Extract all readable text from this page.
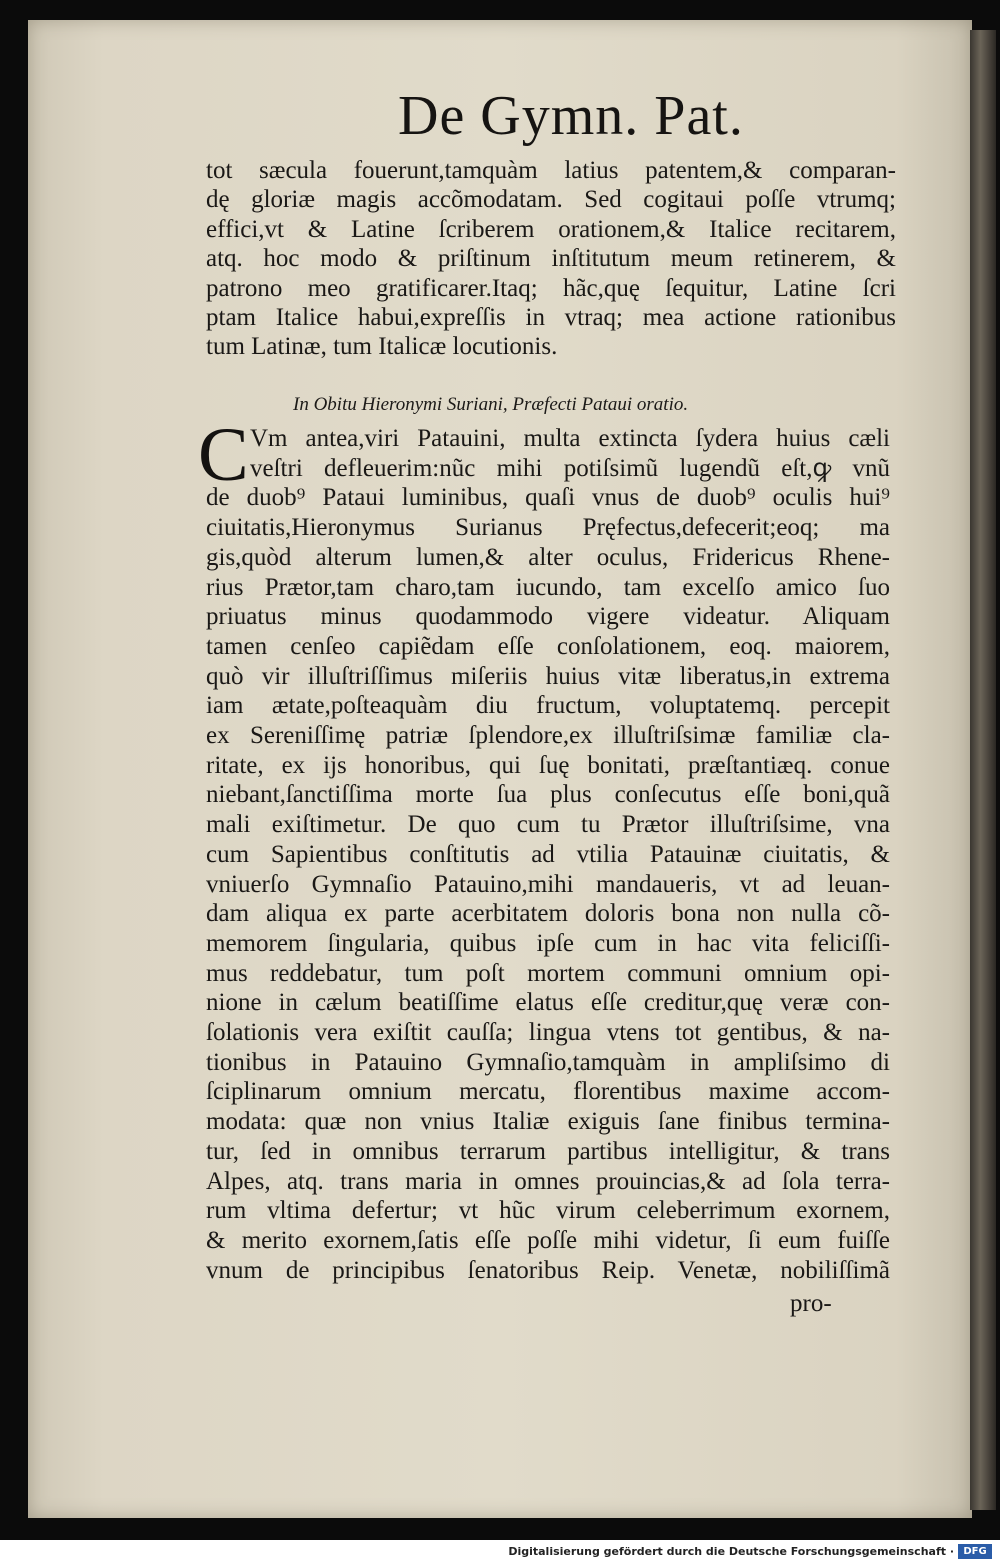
De Gymn. Pat.
tot sæcula fouerunt,tamquàm latius patentem,& comparan-
dę gloriæ magis accõmodatam. Sed cogitaui poſſe vtrumq;
effici,vt & Latine ſcriberem orationem,& Italice recitarem,
atq. hoc modo & priſtinum inſtitutum meum retinerem, &
patrono meo gratificarer.Itaq; hãc,quę ſequitur, Latine ſcri
ptam Italice habui,expreſſis in vtraq; mea actione rationibus
tum Latinæ, tum Italicæ locutionis.
In Obitu Hieronymi Suriani, Præfecti Pataui oratio.
C Vm antea,viri Patauini, multa extincta ſydera huius cæli
veſtri defleuerim:nũc mihi potiſsimũ lugendũ eſt,ꝙ vnũ
de duob⁹ Pataui luminibus, quaſi vnus de duob⁹ oculis hui⁹
ciuitatis,Hieronymus Surianus Pręfectus,defecerit;eoq; ma
gis,quòd alterum lumen,& alter oculus, Fridericus Rhene-
rius Prætor,tam charo,tam iucundo, tam excelſo amico ſuo
priuatus minus quodammodo vigere videatur. Aliquam
tamen cenſeo capiẽdam eſſe conſolationem, eoq. maiorem,
quò vir illuſtriſſimus miſeriis huius vitæ liberatus,in extrema
iam ætate,poſteaquàm diu fructum, voluptatemq. percepit
ex Sereniſſimę patriæ ſplendore,ex illuſtriſsimæ familiæ cla-
ritate, ex ijs honoribus, qui ſuę bonitati, præſtantiæq. conue
niebant,ſanctiſſima morte ſua plus conſecutus eſſe boni,quã
mali exiſtimetur. De quo cum tu Prætor illuſtriſsime, vna
cum Sapientibus conſtitutis ad vtilia Patauinæ ciuitatis, &
vniuerſo Gymnaſio Patauino,mihi mandaueris, vt ad leuan-
dam aliqua ex parte acerbitatem doloris bona non nulla cõ-
memorem ſingularia, quibus ipſe cum in hac vita feliciſſi-
mus reddebatur, tum poſt mortem communi omnium opi-
nione in cælum beatiſſime elatus eſſe creditur,quę veræ con-
ſolationis vera exiſtit cauſſa; lingua vtens tot gentibus, & na-
tionibus in Patauino Gymnaſio,tamquàm in ampliſsimo di
ſciplinarum omnium mercatu, florentibus maxime accom-
modata: quæ non vnius Italiæ exiguis ſane finibus termina-
tur, ſed in omnibus terrarum partibus intelligitur, & trans
Alpes, atq. trans maria in omnes prouincias,& ad ſola terra-
rum vltima defertur; vt hũc virum celeberrimum exornem,
& merito exornem,ſatis eſſe poſſe mihi videtur, ſi eum fuiſſe
vnum de principibus ſenatoribus Reip. Venetæ, nobiliſſimã
pro-
Digitalisierung gefördert durch die Deutsche Forschungsgemeinschaft · DFG
